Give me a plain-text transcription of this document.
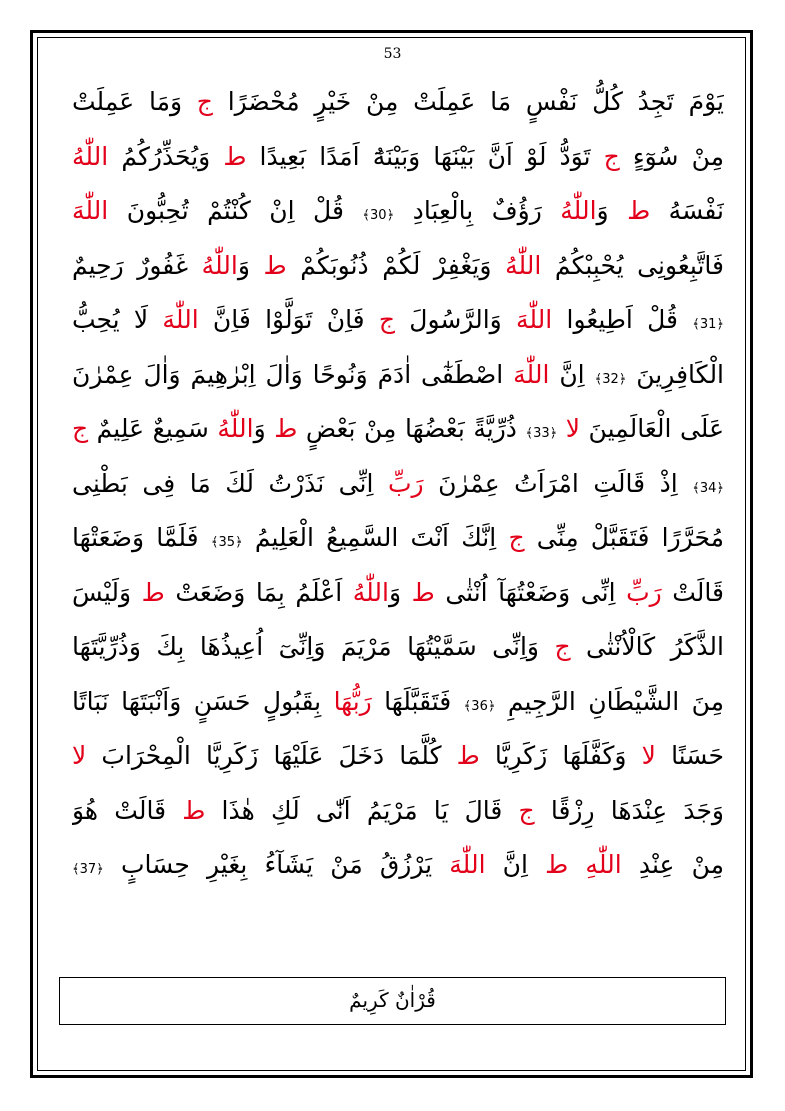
53
يَوْمَ تَجِدُ كُلُّ نَفْسٍ مَا عَمِلَتْ مِنْ خَيْرٍ مُحْضَرًا ج وَمَا عَمِلَتْ
مِنْ سُوٓءٍ ج تَوَدُّ لَوْ اَنَّ بَيْنَهَا وَبَيْنَهُٓ اَمَدًا بَعِيدًا ط وَيُحَذِّرُكُمُ اللّٰهُ
نَفْسَهُ ط وَاللّٰهُ رَؤُفٌ بِالْعِبَادِ ﴿30﴾ قُلْ اِنْ كُنْتُمْ تُحِبُّونَ اللّٰهَ
فَاتَّبِعُونِى يُحْبِبْكُمُ اللّٰهُ وَيَغْفِرْ لَكُمْ ذُنُوبَكُمْ ط وَاللّٰهُ غَفُورٌ رَحِيمٌ
﴿31﴾ قُلْ اَطِيعُوا اللّٰهَ وَالرَّسُولَ ج فَاِنْ تَوَلَّوْا فَاِنَّ اللّٰهَ لَا يُحِبُّ
الْكَافِرِينَ ﴿32﴾ اِنَّ اللّٰهَ اصْطَفٰٓى اٰدَمَ وَنُوحًا وَاٰلَ اِبْرٰهِيمَ وَاٰلَ عِمْرٰنَ
عَلَى الْعَالَمِينَ لا ﴿33﴾ ذُرِّيَّةً بَعْضُهَا مِنْ بَعْضٍ ط وَاللّٰهُ سَمِيعٌ عَلِيمٌ ج
﴿34﴾ اِذْ قَالَتِ امْرَاَتُ عِمْرٰنَ رَبِّ اِنِّى نَذَرْتُ لَكَ مَا فِى بَطْنِى
مُحَرَّرًا فَتَقَبَّلْ مِنِّى ج اِنَّكَ اَنْتَ السَّمِيعُ الْعَلِيمُ ﴿35﴾ فَلَمَّا وَضَعَتْهَا
قَالَتْ رَبِّ اِنِّى وَضَعْتُهَآ اُنْثٰى ط وَاللّٰهُ اَعْلَمُ بِمَا وَضَعَتْ ط وَلَيْسَ
الذَّكَرُ كَالْاُنْثٰى ج وَاِنِّى سَمَّيْتُهَا مَرْيَمَ وَاِنِّىٓ اُعِيذُهَا بِكَ وَذُرِّيَّتَهَا
مِنَ الشَّيْطَانِ الرَّجِيمِ ﴿36﴾ فَتَقَبَّلَهَا رَبُّهَا بِقَبُولٍ حَسَنٍ وَاَنْبَتَهَا نَبَاتًا
حَسَنًا لا وَكَفَّلَهَا زَكَرِيَّا ط كُلَّمَا دَخَلَ عَلَيْهَا زَكَرِيَّا الْمِحْرَابَ لا
وَجَدَ عِنْدَهَا رِزْقًا ج قَالَ يَا مَرْيَمُ اَنّٰى لَكِ هٰذَا ط قَالَتْ هُوَ
مِنْ عِنْدِ اللّٰهِ ط اِنَّ اللّٰهَ يَرْزُقُ مَنْ يَشَآءُ بِغَيْرِ حِسَابٍ ﴿37﴾
قُرْاٰنٌ كَرِيمٌ
